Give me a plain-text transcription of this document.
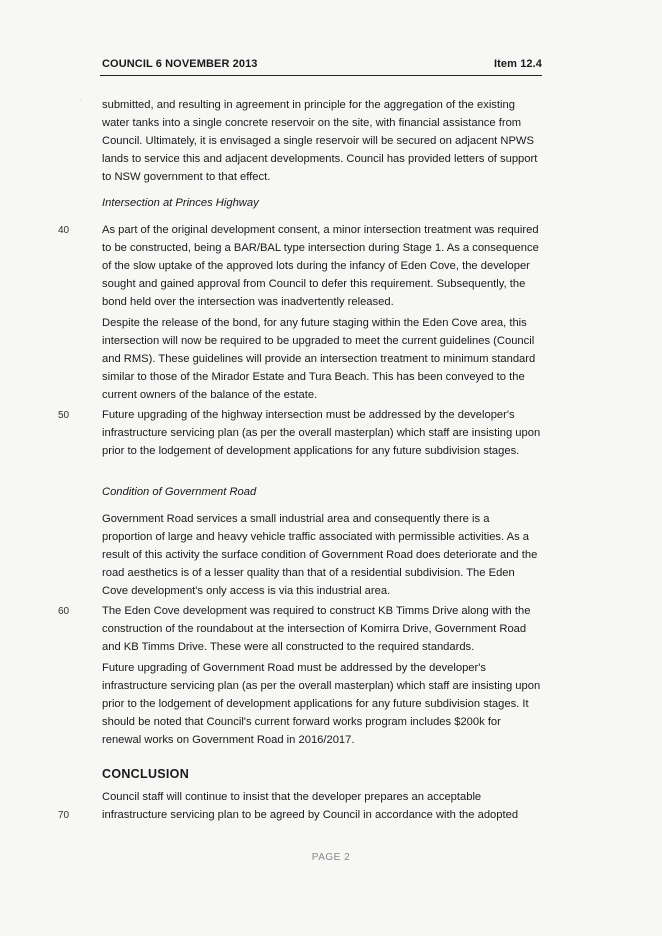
COUNCIL 6 NOVEMBER 2013	Item 12.4
.

submitted, and resulting in agreement in principle for the aggregation of the existing water tanks into a single concrete reservoir on the site, with financial assistance from Council. Ultimately, it is envisaged a single reservoir will be secured on adjacent NPWS lands to service this and adjacent developments. Council has provided letters of support to NSW government to that effect.

Intersection at Princes Highway

40	As part of the original development consent, a minor intersection treatment was required to be constructed, being a BAR/BAL type intersection during Stage 1. As a consequence of the slow uptake of the approved lots during the infancy of Eden Cove, the developer sought and gained approval from Council to defer this requirement. Subsequently, the bond held over the intersection was inadvertently released.

Despite the release of the bond, for any future staging within the Eden Cove area, this intersection will now be required to be upgraded to meet the current guidelines (Council and RMS). These guidelines will provide an intersection treatment to minimum standard similar to those of the Mirador Estate and Tura Beach. This has been conveyed to the current owners of the balance of the estate.

50	Future upgrading of the highway intersection must be addressed by the developer's infrastructure servicing plan (as per the overall masterplan) which staff are insisting upon prior to the lodgement of development applications for any future subdivision stages.

Condition of Government Road

Government Road services a small industrial area and consequently there is a proportion of large and heavy vehicle traffic associated with permissible activities. As a result of this activity the surface condition of Government Road does deteriorate and the road aesthetics is of a lesser quality than that of a residential subdivision. The Eden Cove development's only access is via this industrial area.

60	The Eden Cove development was required to construct KB Timms Drive along with the construction of the roundabout at the intersection of Komirra Drive, Government Road and KB Timms Drive. These were all constructed to the required standards.

Future upgrading of Government Road must be addressed by the developer's infrastructure servicing plan (as per the overall masterplan) which staff are insisting upon prior to the lodgement of development applications for any future subdivision stages. It should be noted that Council's current forward works program includes $200k for renewal works on Government Road in 2016/2017.

CONCLUSION

70

Council staff will continue to insist that the developer prepares an acceptable infrastructure servicing plan to be agreed by Council in accordance with the adopted

PAGE 2
